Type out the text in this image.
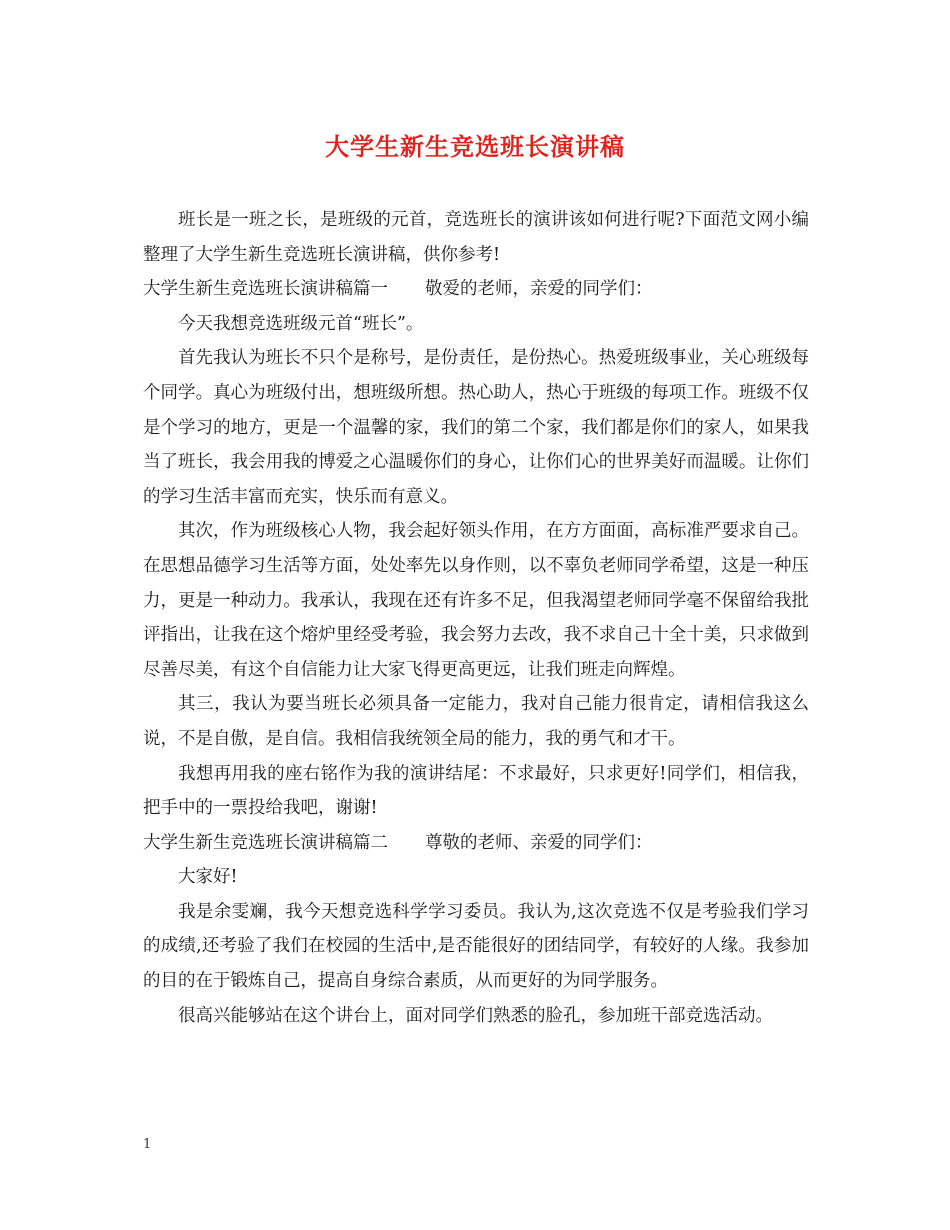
大学生新生竞选班长演讲稿

班长是一班之长，是班级的元首，竞选班长的演讲该如何进行呢?下面范文网小编整理了大学生新生竞选班长演讲稿，供你参考!

大学生新生竞选班长演讲稿篇一 敬爱的老师，亲爱的同学们：

今天我想竞选班级元首“班长”。

首先我认为班长不只个是称号，是份责任，是份热心。热爱班级事业，关心班级每个同学。真心为班级付出，想班级所想。热心助人，热心于班级的每项工作。班级不仅是个学习的地方，更是一个温馨的家，我们的第二个家，我们都是你们的家人，如果我当了班长，我会用我的博爱之心温暖你们的身心，让你们心的世界美好而温暖。让你们的学习生活丰富而充实，快乐而有意义。

其次，作为班级核心人物，我会起好领头作用，在方方面面，高标准严要求自己。在思想品德学习生活等方面，处处率先以身作则，以不辜负老师同学希望，这是一种压力，更是一种动力。我承认，我现在还有许多不足，但我渴望老师同学毫不保留给我批评指出，让我在这个熔炉里经受考验，我会努力去改，我不求自己十全十美，只求做到尽善尽美，有这个自信能力让大家飞得更高更远，让我们班走向辉煌。

其三，我认为要当班长必须具备一定能力，我对自己能力很肯定，请相信我这么说，不是自傲，是自信。我相信我统领全局的能力，我的勇气和才干。

我想再用我的座右铭作为我的演讲结尾：不求最好，只求更好!同学们，相信我，把手中的一票投给我吧，谢谢!

大学生新生竞选班长演讲稿篇二 尊敬的老师、亲爱的同学们：

大家好!

我是余雯斓，我今天想竞选科学学习委员。我认为,这次竞选不仅是考验我们学习的成绩,还考验了我们在校园的生活中,是否能很好的团结同学，有较好的人缘。我参加的目的在于锻炼自己，提高自身综合素质，从而更好的为同学服务。

很高兴能够站在这个讲台上，面对同学们熟悉的脸孔，参加班干部竞选活动。

1
